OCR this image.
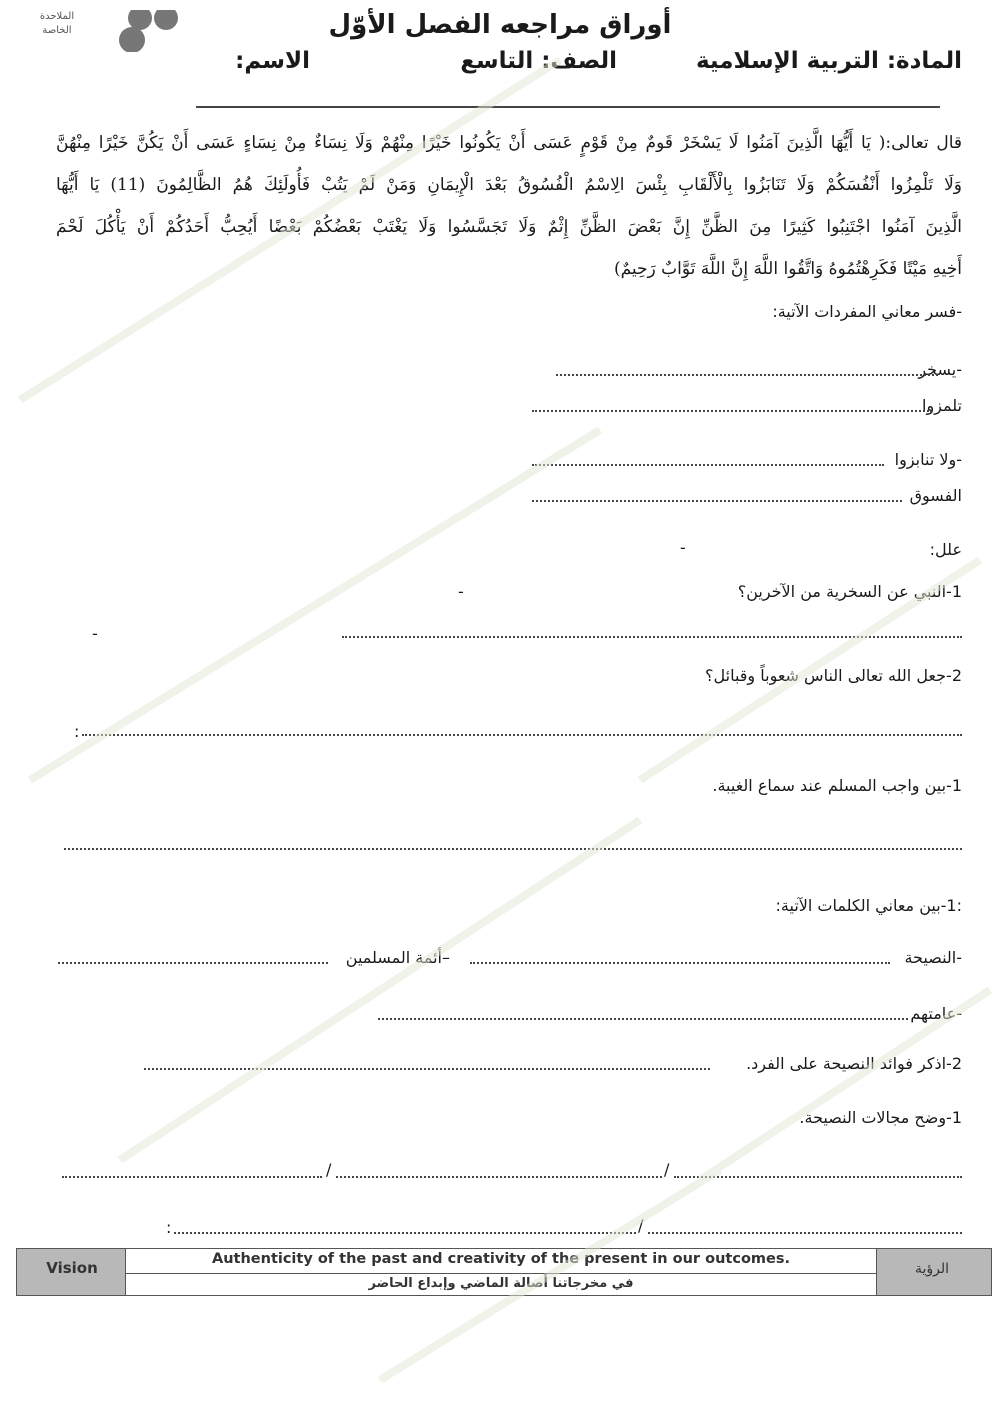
الملاحدة
الخاصة	أوراق مراجعه الفصل الأوّل
المادة: التربية الإسلامية
الصف: التاسع
الاسم:
قال تعالى:( يَا أَيُّهَا الَّذِينَ آمَنُوا لَا يَسْخَرْ قَومٌ مِنْ قَوْمٍ عَسَى أَنْ يَكُونُوا خَيْرًا مِنْهُمْ وَلَا نِسَاءٌ مِنْ نِسَاءٍ عَسَى أَنْ يَكُنَّ خَيْرًا مِنْهُنَّ
وَلَا تَلْمِزُوا أَنْفُسَكُمْ وَلَا تَنَابَزُوا بِالْأَلْقَابِ بِئْسَ الِاسْمُ الْفُسُوقُ بَعْدَ الْإِيمَانِ وَمَنْ لَمْ يَتُبْ فَأُولَئِكَ هُمُ الظَّالِمُونَ (11) يَا أَيُّهَا
الَّذِينَ آمَنُوا اجْتَنِبُوا كَثِيرًا مِنَ الظَّنِّ إِنَّ بَعْضَ الظَّنِّ إِثْمٌ وَلَا تَجَسَّسُوا وَلَا يَغْتَبْ بَعْضُكُمْ بَعْضًا أَيُحِبُّ أَحَدُكُمْ أَنْ يَأْكُلَ لَحْمَ
أَخِيهِ مَيْتًا فَكَرِهْتُمُوهُ وَاتَّقُوا اللَّهَ إِنَّ اللَّهَ تَوَّابٌ رَحِيمٌ)
-فسر معاني المفردات الآتية:
-يسخر
تلمزوا
-ولا تنابزوا
الفسوق
علل:
-
1-النبي عن السخرية من الآخرين؟
-
-
2-جعل الله تعالى الناس شعوباً وقبائل؟
:
1-بين واجب المسلم عند سماع الغيبة.
:1-بين معاني الكلمات الآتية:
-النصيحة
–أئمة المسلمين
-عامتهم
2-اذكر فوائد النصيحة على الفرد.
1-وضح مجالات النصيحة.
/	/
:	/
Vision	Authenticity of the past and creativity of the present in our outcomes.
في مخرجاتنا أصالة الماضي وإبداع الحاضر
الرؤية
